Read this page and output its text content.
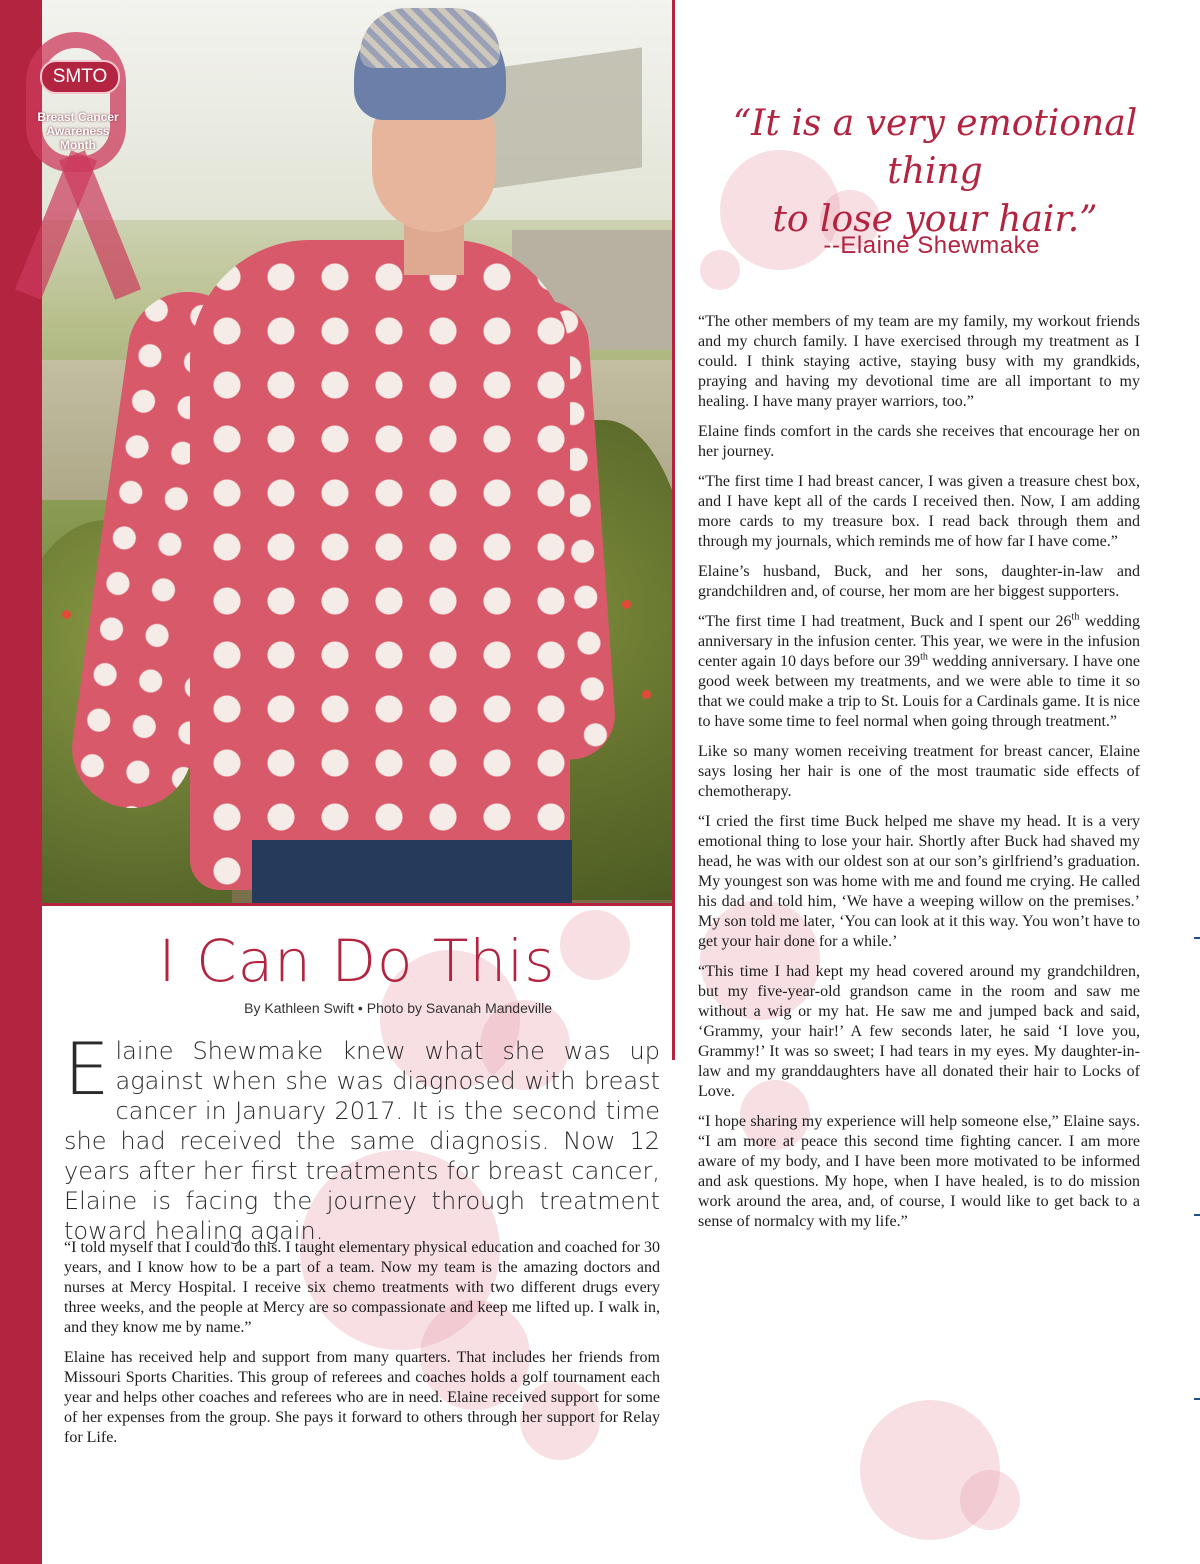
SMTO
Breast Cancer
Awareness
Month
I Can Do This
By Kathleen Swift • Photo by Savanah Mandeville
Elaine Shewmake knew what she was up against when she was diagnosed with breast cancer in January 2017. It is the second time she had received the same diagnosis. Now 12 years after her first treatments for breast cancer, Elaine is facing the journey through treatment toward healing again.

“I told myself that I could do this. I taught elementary physical education and coached for 30 years, and I know how to be a part of a team. Now my team is the amazing doctors and nurses at Mercy Hospital. I receive six chemo treatments with two different drugs every three weeks, and the people at Mercy are so compassionate and keep me lifted up. I walk in, and they know me by name.”

Elaine has received help and support from many quarters. That includes her friends from Missouri Sports Charities. This group of referees and coaches holds a golf tournament each year and helps other coaches and referees who are in need. Elaine received support for some of her expenses from the group. She pays it forward to others through her support for Relay for Life.

“It is a very emotional thing
to lose your hair.”
--Elaine Shewmake

“The other members of my team are my family, my workout friends and my church family. I have exercised through my treatment as I could. I think staying active, staying busy with my grandkids, praying and having my devotional time are all important to my healing. I have many prayer warriors, too.”

Elaine finds comfort in the cards she receives that encourage her on her journey.

“The first time I had breast cancer, I was given a treasure chest box, and I have kept all of the cards I received then. Now, I am adding more cards to my treasure box. I read back through them and through my journals, which reminds me of how far I have come.”

Elaine’s husband, Buck, and her sons, daughter-in-law and grandchildren and, of course, her mom are her biggest supporters.

“The first time I had treatment, Buck and I spent our 26th wedding anniversary in the infusion center. This year, we were in the infusion center again 10 days before our 39th wedding anniversary. I have one good week between my treatments, and we were able to time it so that we could make a trip to St. Louis for a Cardinals game. It is nice to have some time to feel normal when going through treatment.”

Like so many women receiving treatment for breast cancer, Elaine says losing her hair is one of the most traumatic side effects of chemotherapy.

“I cried the first time Buck helped me shave my head. It is a very emotional thing to lose your hair. Shortly after Buck had shaved my head, he was with our oldest son at our son’s girlfriend’s graduation. My youngest son was home with me and found me crying. He called his dad and told him, ‘We have a weeping willow on the premises.’ My son told me later, ‘You can look at it this way. You won’t have to get your hair done for a while.’

“This time I had kept my head covered around my grandchildren, but my five-year-old grandson came in the room and saw me without a wig or my hat. He saw me and jumped back and said, ‘Grammy, your hair!’ A few seconds later, he said ‘I love you, Grammy!’ It was so sweet; I had tears in my eyes. My daughter-in-law and my granddaughters have all donated their hair to Locks of Love.

“I hope sharing my experience will help someone else,” Elaine says. “I am more at peace this second time fighting cancer. I am more aware of my body, and I have been more motivated to be informed and ask questions. My hope, when I have healed, is to do mission work around the area, and, of course, I would like to get back to a sense of normalcy with my life.”
